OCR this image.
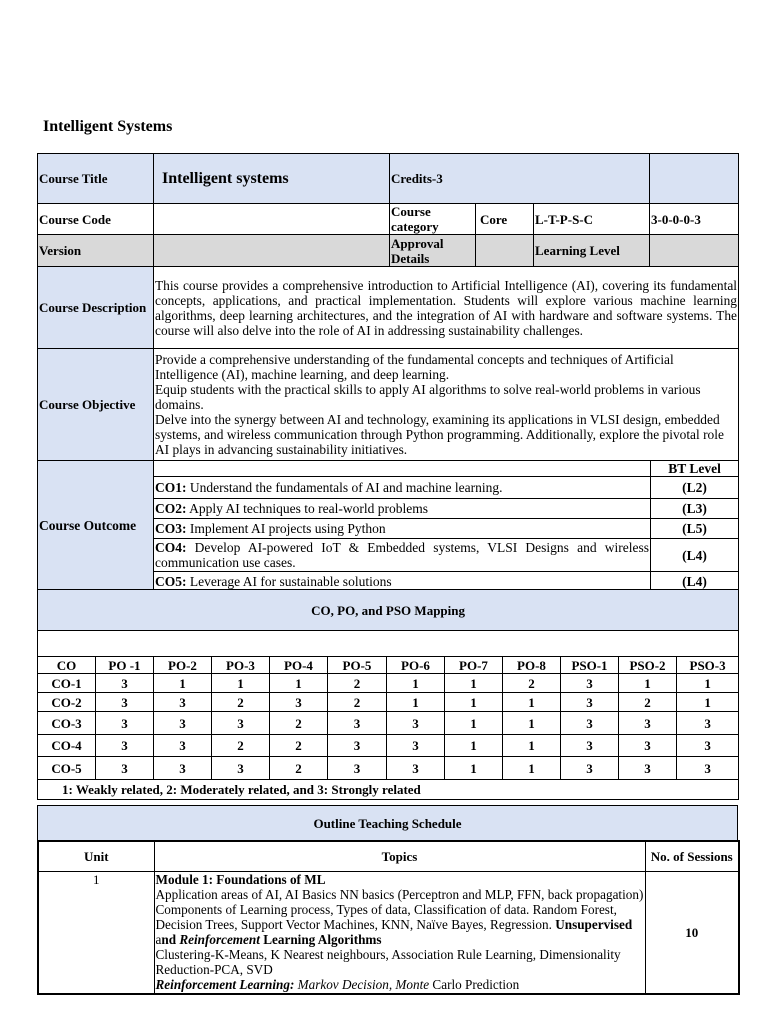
Intelligent Systems
Course Title	Intelligent systems	Credits-3			
Course Code		Course category	Core	L-T-P-S-C	3-0-0-0-3
Version		Approval Details		Learning Level	
Course Description	This course provides a comprehensive introduction to Artificial Intelligence (AI), covering its fundamental concepts, applications, and practical implementation. Students will explore various machine learning algorithms, deep learning architectures, and the integration of AI with hardware and software systems. The course will also delve into the role of AI in addressing sustainability challenges.	
Course Objective	Provide a comprehensive understanding of the fundamental concepts and techniques of Artificial Intelligence (AI), machine learning, and deep learning.

Equip students with the practical skills to apply AI algorithms to solve real-world problems in various domains.

Delve into the synergy between AI and technology, examining its applications in VLSI design, embedded systems, and wireless communication through Python programming. Additionally, explore the pivotal role AI plays in advancing sustainability initiatives.	

Course Outcome		BT Level
	CO1: Understand the fundamentals of AI and machine learning.	(L2)
	CO2: Apply AI techniques to real-world problems	(L3)
	CO3: Implement AI projects using Python	(L5)
	CO4: Develop AI-powered IoT & Embedded systems, VLSI Designs and wireless communication use cases.	(L4)
	CO5: Leverage AI for sustainable solutions	(L4)
CO, PO, and PSO Mapping											

CO	PO -1	PO-2	PO-3	PO-4	PO-5	PO-6	PO-7	PO-8	PSO-1	PSO-2	PSO-3
CO-1	3	1	1	1	2	1	1	2	3	1	1
CO-2	3	3	2	3	2	1	1	1	3	2	1
CO-3	3	3	3	2	3	3	1	1	3	3	3
CO-4	3	3	2	2	3	3	1	1	3	3	3
CO-5	3	3	3	2	3	3	1	1	3	3	3
1: Weakly related, 2: Moderately related, and 3: Strongly related											
Outline Teaching Schedule
Unit	Topics	No. of Sessions
1	Module 1: Foundations of ML

Application areas of AI, AI Basics NN basics (Perceptron and MLP, FFN, back propagation) Components of Learning process, Types of data, Classification of data. Random Forest, Decision Trees, Support Vector Machines, KNN, Naïve Bayes, Regression. Unsupervised and Reinforcement Learning Algorithms

Clustering-K-Means, K Nearest neighbours, Association Rule Learning, Dimensionality Reduction-PCA, SVD

Reinforcement Learning: Markov Decision, Monte Carlo Prediction	10
